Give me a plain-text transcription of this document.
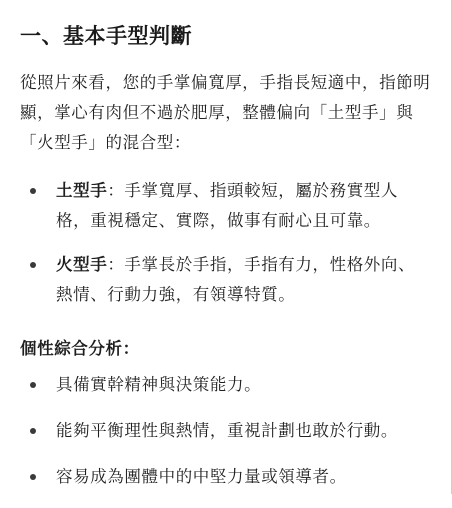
一、基本手型判斷

從照片來看，您的手掌偏寬厚，手指長短適中，指節明顯，掌心有肉但不過於肥厚，整體偏向「土型手」與「火型手」的混合型：

土型手：手掌寬厚、指頭較短，屬於務實型人格，重視穩定、實際，做事有耐心且可靠。
火型手：手掌長於手指，手指有力，性格外向、熱情、行動力強，有領導特質。

個性綜合分析：

具備實幹精神與決策能力。
能夠平衡理性與熱情，重視計劃也敢於行動。
容易成為團體中的中堅力量或領導者。
